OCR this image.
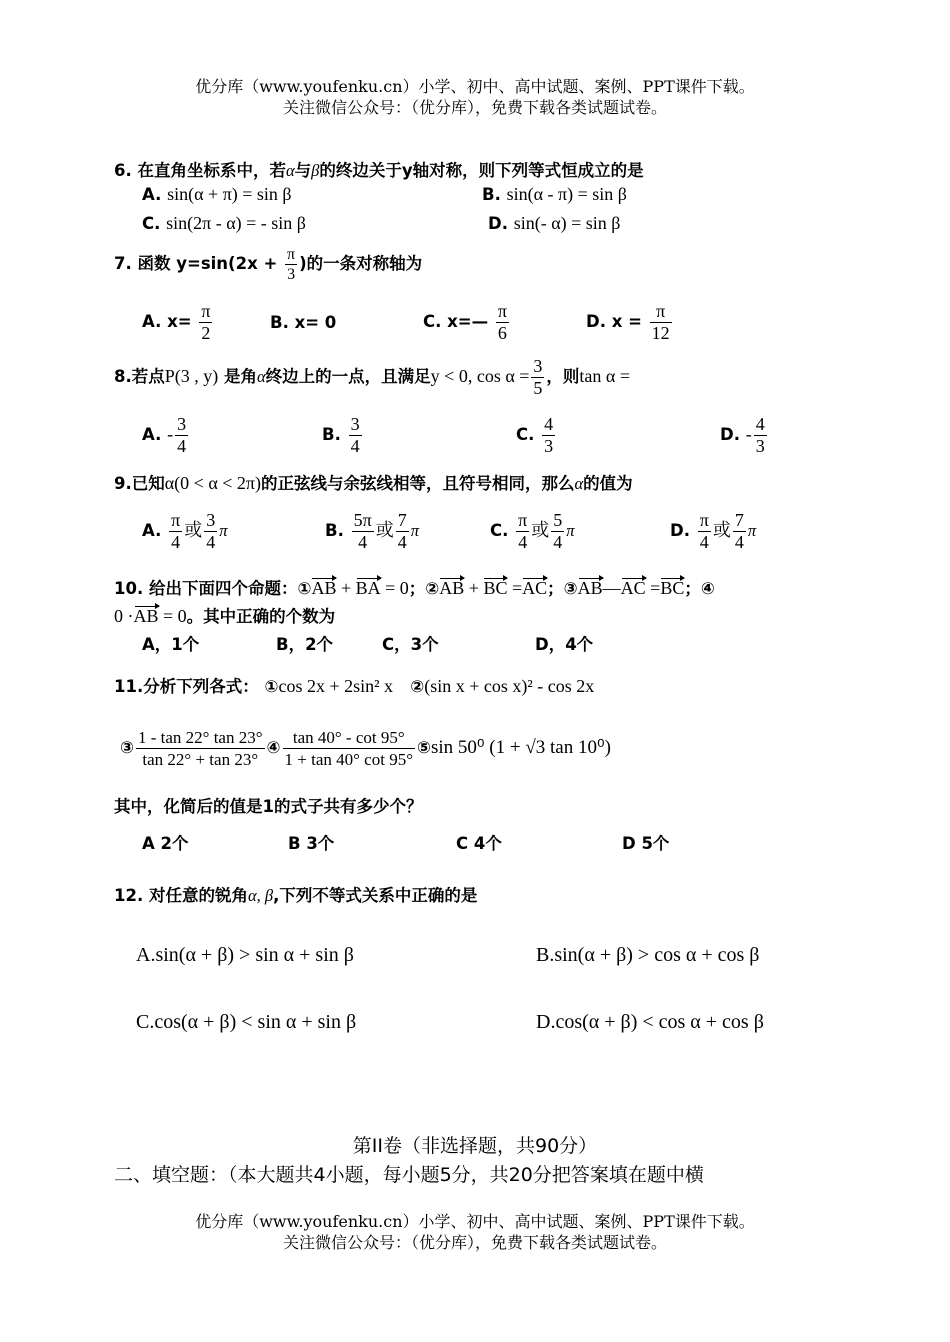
优分库（www.youfenku.cn）小学、初中、高中试题、案例、PPT课件下载。
关注微信公众号：（优分库），免费下载各类试题试卷。
6. 在直角坐标系中，若α与β的终边关于y轴对称，则下列等式恒成立的是
A. sin(α + π) = sin β	B. sin(α - π) = sin β
C. sin(2π - α) = - sin β	D. sin(- α) = sin β
7. 函数 $y=\sin(2x + \frac{\pi}{3}$ )的一条对称轴为
A. $x= \frac{\pi}{2}$	B. x= 0	C. x=— $\frac{\pi}{6}$	D. $x = \frac{\pi}{12}$
8.若点P(3 , y) 是角α终边上的一点，且满足y < 0, $\cos \alpha = \frac{3}{5}$ ，则tan α =
A. - $\frac{3}{4}$	B. $\frac{3}{4}$	C. $\frac{4}{3}$	D. - $\frac{4}{3}$
9.已知α(0 < α < 2π)的正弦线与余弦线相等，且符号相同，那么α的值为
A. $\frac{\pi}{4}$ 或 $\frac{3}{4}$ π	B. $\frac{5\pi}{4}$ 或 $\frac{7}{4}$ π	C. $\frac{\pi}{4}$ 或 $\frac{5}{4}$ π	D. $\frac{\pi}{4}$ 或 $\frac{7}{4}$ π
10. 给出下面四个命题：①AB + BA = 0；②AB + BC =AC；③AB—AC =BC；④
0 ·AB = 0。其中正确的个数为
A，1个	B，2个	C，3个	D，4个
11.分析下列各式： ①cos 2x + 2sin² x ②(sin x + cos x)² - cos 2x
③ $\frac{1 - \tan 22^\circ \tan 23^\circ}{\tan 22^\circ + \tan 23^\circ}$ ④ $\frac{\tan 40^\circ - \cot 95^\circ}{1 + \tan 40^\circ \cot 95^\circ}$ ⑤sin 50⁰ (1 + √3 tan 10⁰)
其中，化简后的值是1的式子共有多少个？
A 2个	B 3个	C 4个	D 5个
12. 对任意的锐角α, β,下列不等式关系中正确的是
A.sin(α + β) > sin α + sin β	B.sin(α + β) > cos α + cos β
C.cos(α + β) < sin α + sin β	D.cos(α + β) < cos α + cos β
第II卷（非选择题，共90分）
二、填空题：（本大题共4小题，每小题5分，共20分把答案填在题中横
优分库（www.youfenku.cn）小学、初中、高中试题、案例、PPT课件下载。
关注微信公众号：（优分库），免费下载各类试题试卷。
